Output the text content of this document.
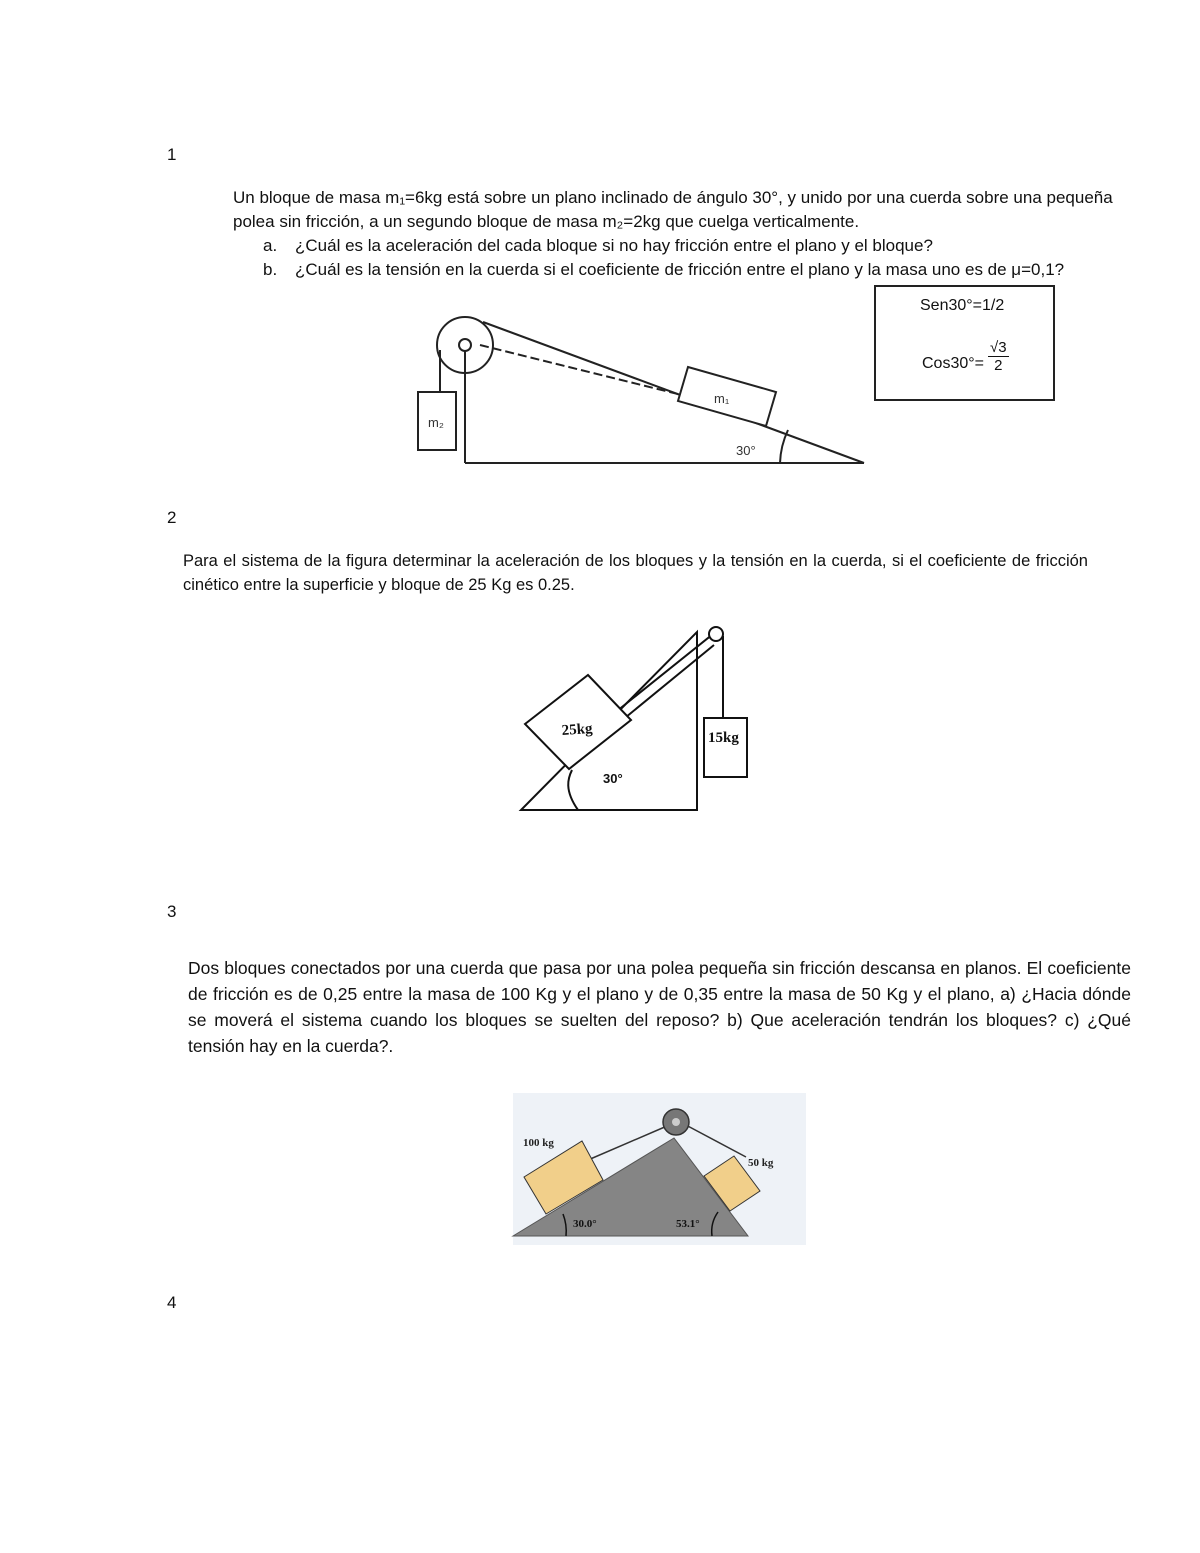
1
2
3
4
Un bloque de masa m₁=6kg está sobre un plano inclinado de ángulo 30°, y unido por una cuerda sobre una pequeña polea sin fricción, a un segundo bloque de masa m₂=2kg que cuelga verticalmente.
a. ¿Cuál es la aceleración del cada bloque si no hay fricción entre el plano y el bloque?
b. ¿Cuál es la tensión en la cuerda si el coeficiente de fricción entre el plano y la masa uno es de μ=0,1?
Sen30°=1/2
$Cos30^\circ= \frac{√3}{2}$
Para el sistema de la figura determinar la aceleración de los bloques y la tensión en la cuerda, si el coeficiente de fricción cinético entre la superficie y bloque de 25 Kg es 0.25.
Dos bloques conectados por una cuerda que pasa por una polea pequeña sin fricción descansa en planos. El coeficiente de fricción es de 0,25 entre la masa de 100 Kg y el plano y de 0,35 entre la masa de 50 Kg y el plano, a) ¿Hacia dónde se moverá el sistema cuando los bloques se suelten del reposo? b) Que aceleración tendrán los bloques? c) ¿Qué tensión hay en la cuerda?.
m₂
m₁
30°
25kg	15kg
30°
100 kg
50 kg
30.0°	53.1°
